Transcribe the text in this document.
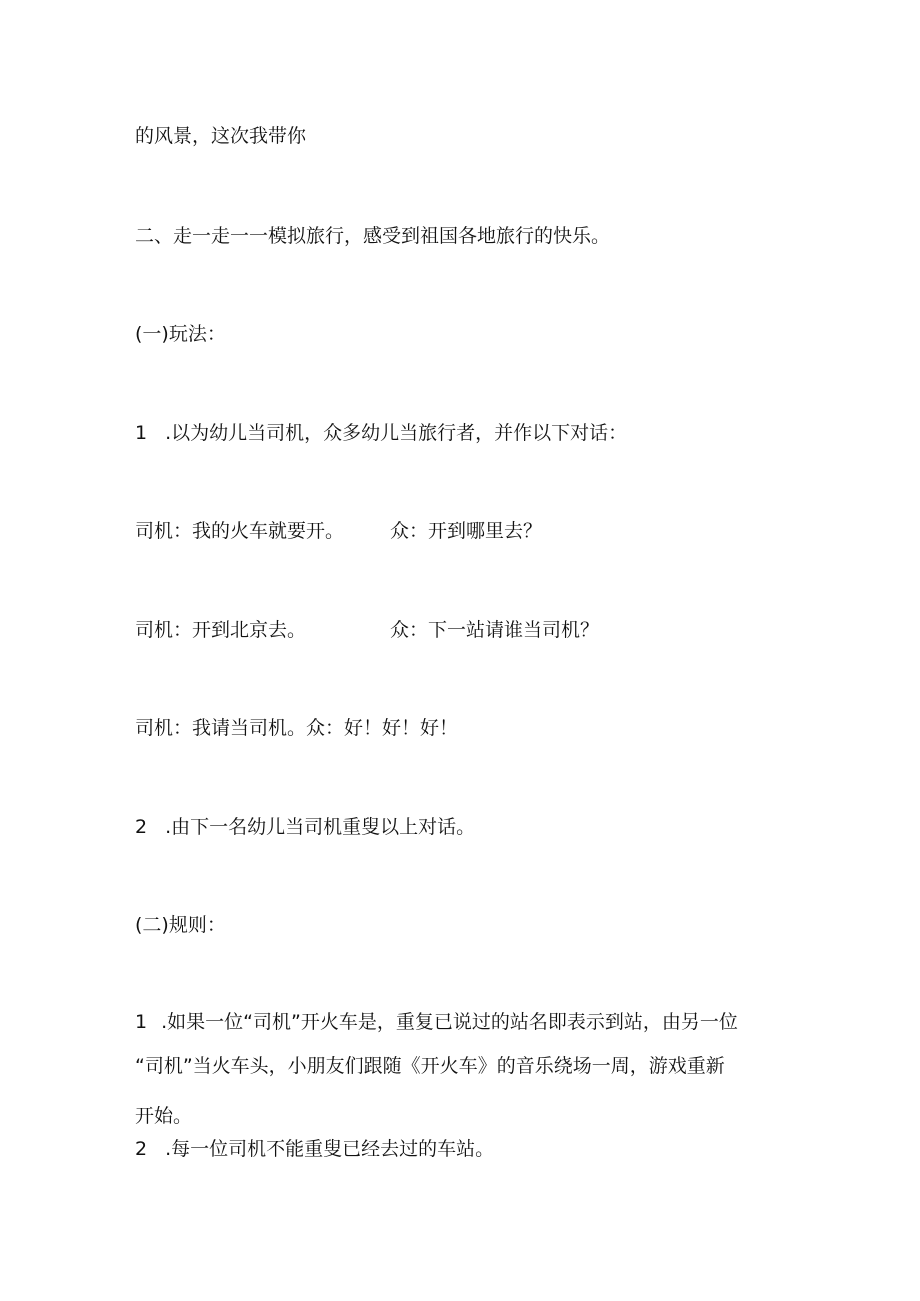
的风景，这次我带你
二、走一走一一模拟旅行，感受到祖国各地旅行的快乐。
(一)玩法：
1 .以为幼儿当司机，众多幼儿当旅行者，并作以下对话：
司机：我的火车就要开。 众：开到哪里去？
司机：开到北京去。	众：下一站请谁当司机？
司机：我请当司机。众：好！好！好！
2 .由下一名幼儿当司机重叟以上对话。
(二)规则：
1 .如果一位“司机”开火车是，重复已说过的站名即表示到站，由另一位
“司机”当火车头，小朋友们跟随《开火车》的音乐绕场一周，游戏重新
开始。
2 .每一位司机不能重叟已经去过的车站。
